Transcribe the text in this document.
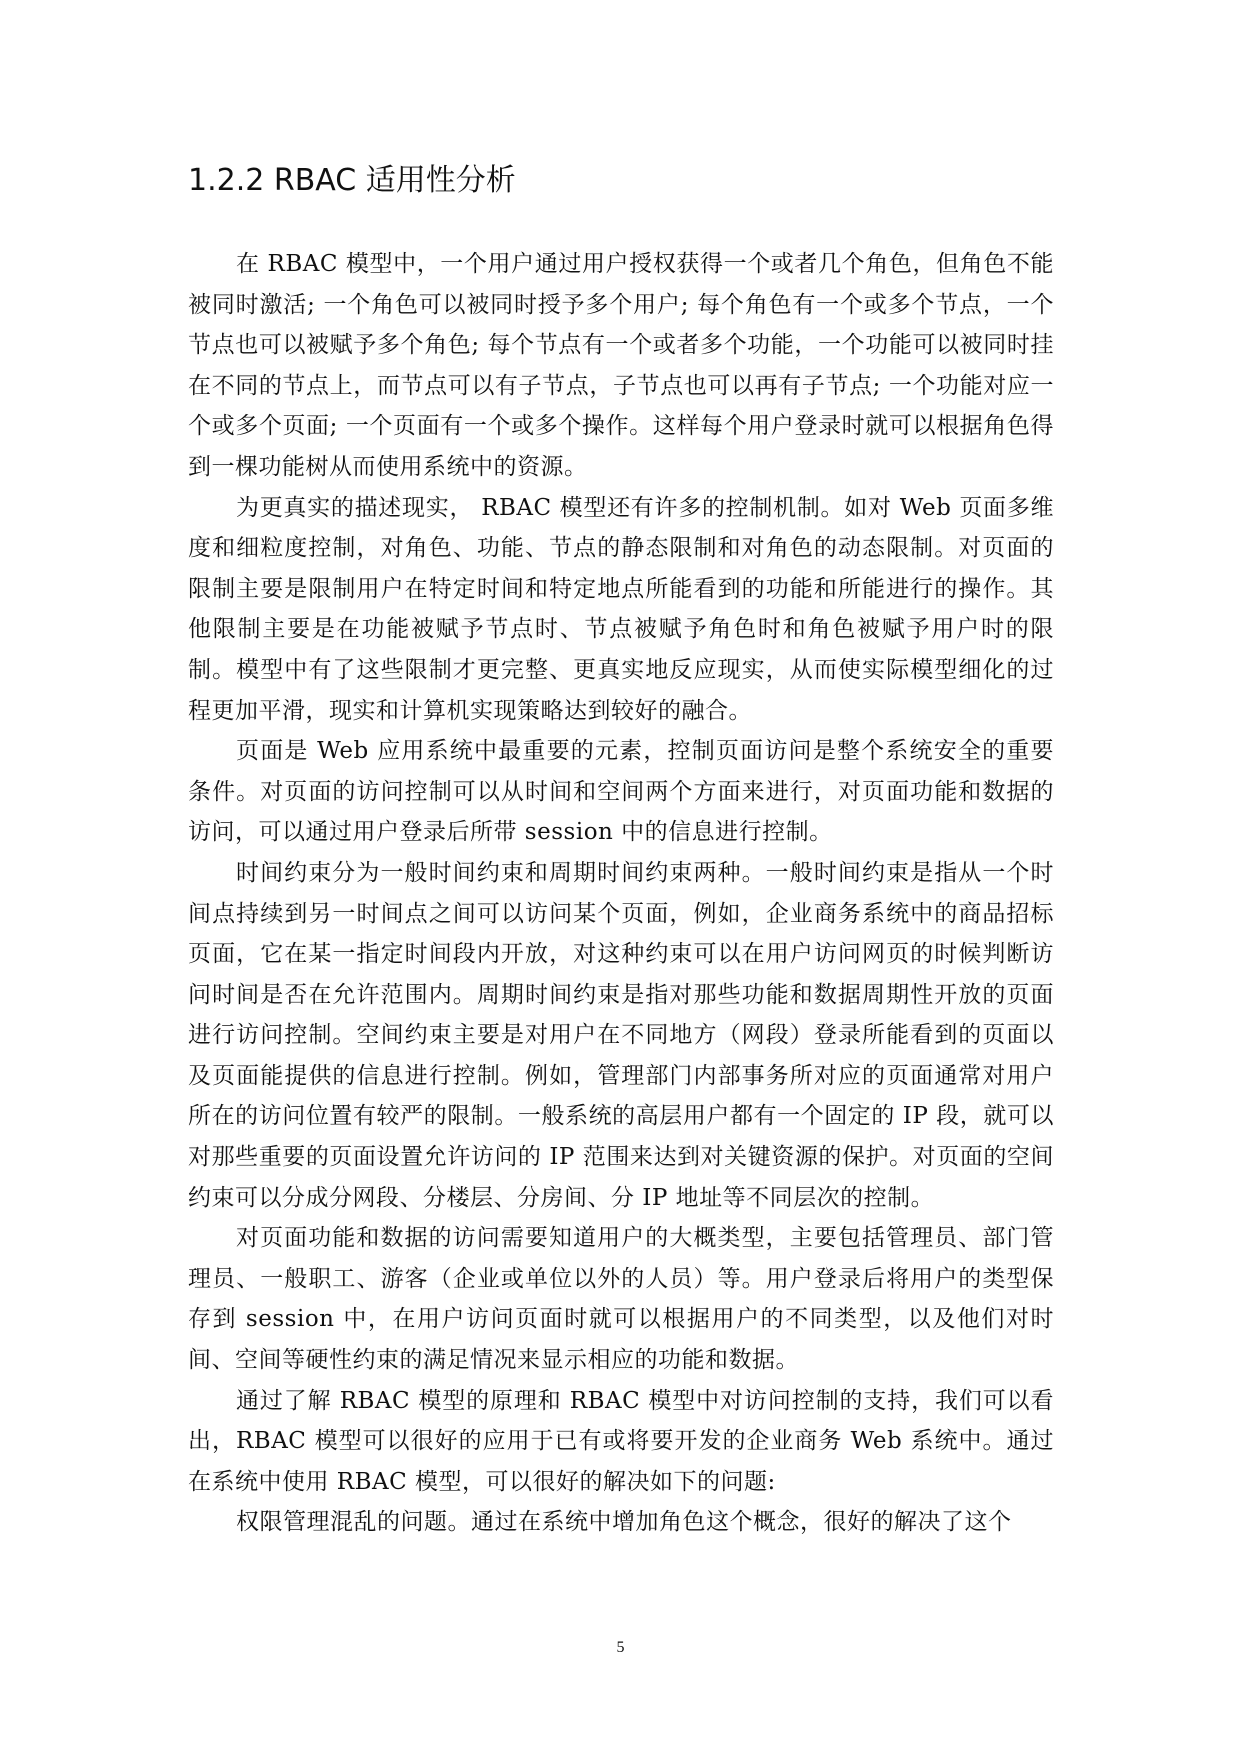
1.2.2 RBAC 适用性分析

在 RBAC 模型中，一个用户通过用户授权获得一个或者几个角色，但角色不能被同时激活; 一个角色可以被同时授予多个用户; 每个角色有一个或多个节点，一个节点也可以被赋予多个角色; 每个节点有一个或者多个功能，一个功能可以被同时挂在不同的节点上，而节点可以有子节点，子节点也可以再有子节点; 一个功能对应一个或多个页面; 一个页面有一个或多个操作。这样每个用户登录时就可以根据角色得到一棵功能树从而使用系统中的资源。

为更真实的描述现实， RBAC 模型还有许多的控制机制。如对 Web 页面多维度和细粒度控制，对角色、功能、节点的静态限制和对角色的动态限制。对页面的限制主要是限制用户在特定时间和特定地点所能看到的功能和所能进行的操作。其他限制主要是在功能被赋予节点时、节点被赋予角色时和角色被赋予用户时的限制。模型中有了这些限制才更完整、更真实地反应现实，从而使实际模型细化的过程更加平滑，现实和计算机实现策略达到较好的融合。

页面是 Web 应用系统中最重要的元素，控制页面访问是整个系统安全的重要条件。对页面的访问控制可以从时间和空间两个方面来进行，对页面功能和数据的访问，可以通过用户登录后所带 session 中的信息进行控制。

时间约束分为一般时间约束和周期时间约束两种。一般时间约束是指从一个时间点持续到另一时间点之间可以访问某个页面，例如，企业商务系统中的商品招标页面，它在某一指定时间段内开放，对这种约束可以在用户访问网页的时候判断访问时间是否在允许范围内。周期时间约束是指对那些功能和数据周期性开放的页面进行访问控制。空间约束主要是对用户在不同地方（网段）登录所能看到的页面以及页面能提供的信息进行控制。例如，管理部门内部事务所对应的页面通常对用户所在的访问位置有较严的限制。一般系统的高层用户都有一个固定的 IP 段，就可以对那些重要的页面设置允许访问的 IP 范围来达到对关键资源的保护。对页面的空间约束可以分成分网段、分楼层、分房间、分 IP 地址等不同层次的控制。

对页面功能和数据的访问需要知道用户的大概类型，主要包括管理员、部门管理员、一般职工、游客（企业或单位以外的人员）等。用户登录后将用户的类型保存到 session 中，在用户访问页面时就可以根据用户的不同类型，以及他们对时间、空间等硬性约束的满足情况来显示相应的功能和数据。

通过了解 RBAC 模型的原理和 RBAC 模型中对访问控制的支持，我们可以看出，RBAC 模型可以很好的应用于已有或将要开发的企业商务 Web 系统中。通过在系统中使用 RBAC 模型，可以很好的解决如下的问题:

权限管理混乱的问题。通过在系统中增加角色这个概念，很好的解决了这个

5
